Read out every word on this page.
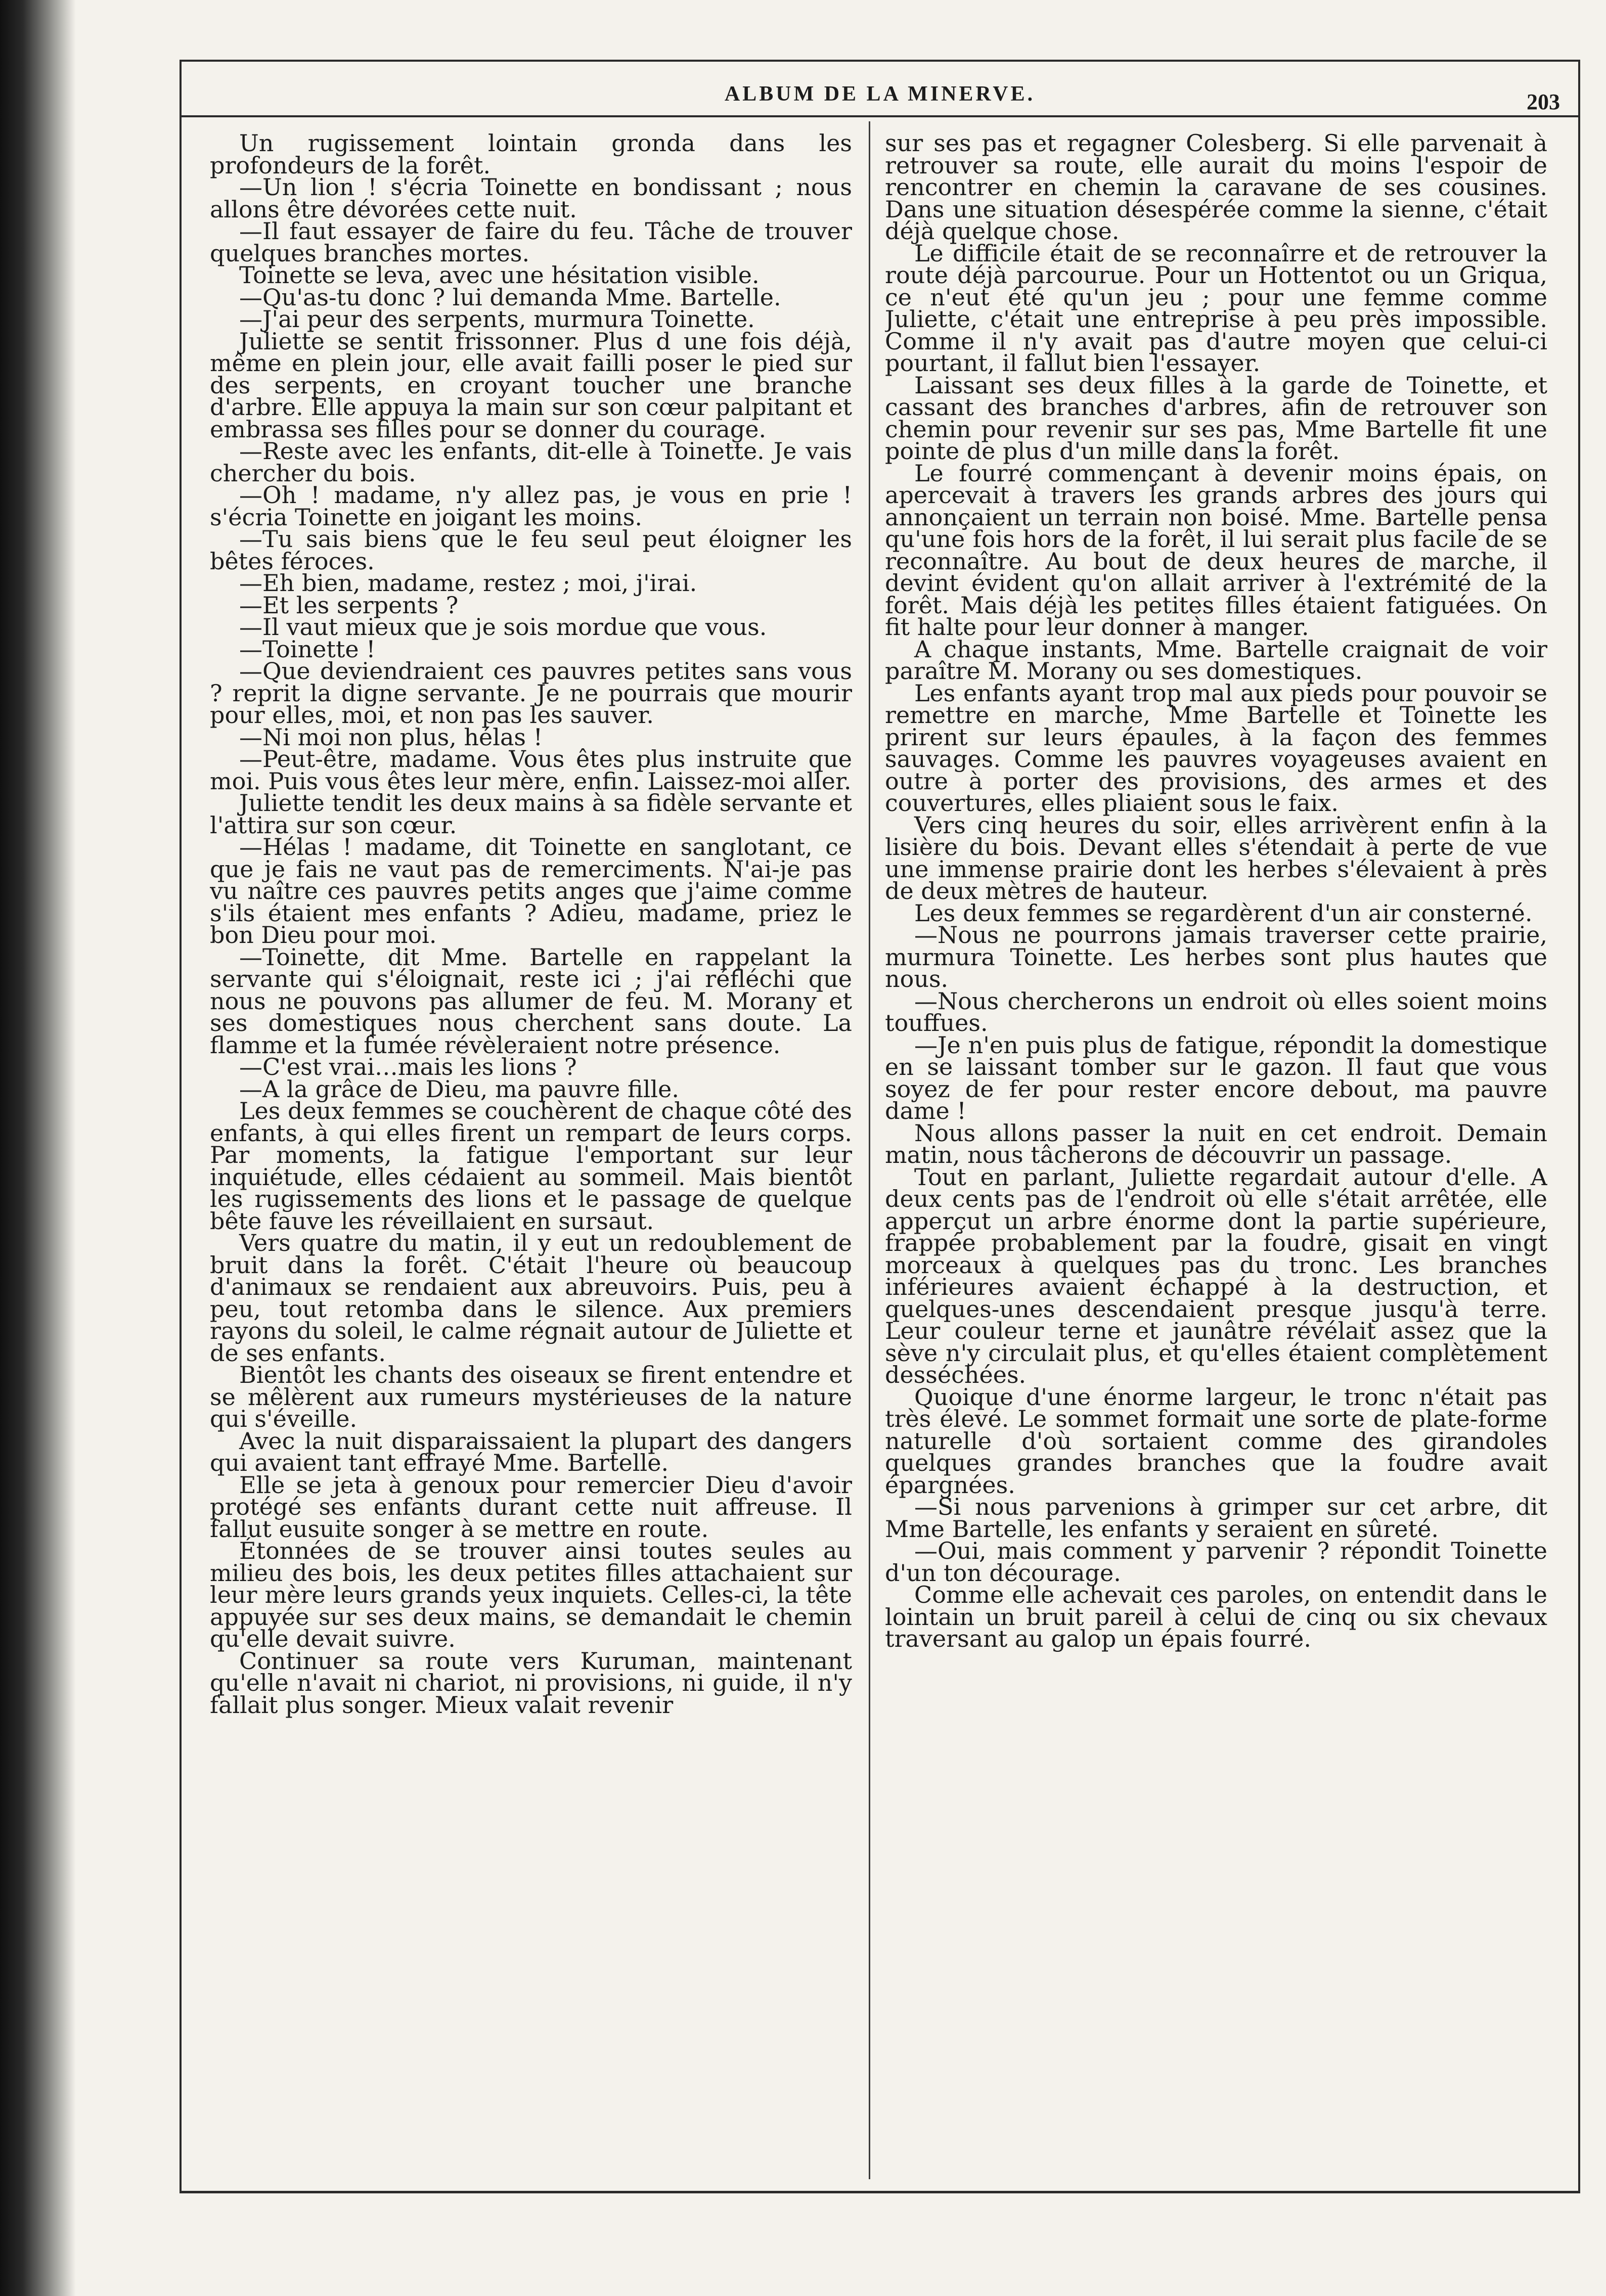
ALBUM DE LA MINERVE.	203

Un rugissement lointain gronda dans les profondeurs de la forêt.

—Un lion ! s'écria Toinette en bondissant ; nous allons être dévorées cette nuit.

—Il faut essayer de faire du feu. Tâche de trouver quelques branches mortes.

Toinette se leva, avec une hésitation visible.

—Qu'as-tu donc ? lui demanda Mme. Bartelle.

—J'ai peur des serpents, murmura Toinette.

Juliette se sentit frissonner. Plus d une fois déjà, même en plein jour, elle avait failli poser le pied sur des serpents, en croyant toucher une branche d'arbre. Elle appuya la main sur son cœur palpitant et embrassa ses filles pour se donner du courage.

—Reste avec les enfants, dit-elle à Toinette. Je vais chercher du bois.

—Oh ! madame, n'y allez pas, je vous en prie ! s'écria Toinette en joigant les moins.

—Tu sais biens que le feu seul peut éloigner les bêtes féroces.

—Eh bien, madame, restez ; moi, j'irai.

—Et les serpents ?

—Il vaut mieux que je sois mordue que vous.

—Toinette !

—Que deviendraient ces pauvres petites sans vous ? reprit la digne servante. Je ne pourrais que mourir pour elles, moi, et non pas les sauver.

—Ni moi non plus, hélas !

—Peut-être, madame. Vous êtes plus instruite que moi. Puis vous êtes leur mère, enfin. Laissez-moi aller.

Juliette tendit les deux mains à sa fidèle servante et l'attira sur son cœur.

—Hélas ! madame, dit Toinette en sanglotant, ce que je fais ne vaut pas de remerciments. N'ai-je pas vu naître ces pauvres petits anges que j'aime comme s'ils étaient mes enfants ? Adieu, madame, priez le bon Dieu pour moi.

—Toinette, dit Mme. Bartelle en rappelant la servante qui s'éloignait, reste ici ; j'ai réfléchi que nous ne pouvons pas allumer de feu. M. Morany et ses domestiques nous cherchent sans doute. La flamme et la fumée révèleraient notre présence.

—C'est vrai…mais les lions ?

—A la grâce de Dieu, ma pauvre fille.

Les deux femmes se couchèrent de chaque côté des enfants, à qui elles firent un rempart de leurs corps. Par moments, la fatigue l'emportant sur leur inquiétude, elles cédaient au sommeil. Mais bientôt les rugissements des lions et le passage de quelque bête fauve les réveillaient en sursaut.

Vers quatre du matin, il y eut un redoublement de bruit dans la forêt. C'était l'heure où beaucoup d'animaux se rendaient aux abreuvoirs. Puis, peu à peu, tout retomba dans le silence. Aux premiers rayons du soleil, le calme régnait autour de Juliette et de ses enfants.

Bientôt les chants des oiseaux se firent entendre et se mêlèrent aux rumeurs mystérieuses de la nature qui s'éveille.

Avec la nuit disparaissaient la plupart des dangers qui avaient tant effrayé Mme. Bartelle.

Elle se jeta à genoux pour remercier Dieu d'avoir protégé ses enfants durant cette nuit affreuse. Il fallut eusuite songer à se mettre en route.

Étonnées de se trouver ainsi toutes seules au milieu des bois, les deux petites filles attachaient sur leur mère leurs grands yeux inquiets. Celles-ci, la tête appuyée sur ses deux mains, se demandait le chemin qu'elle devait suivre.

Continuer sa route vers Kuruman, maintenant qu'elle n'avait ni chariot, ni provisions, ni guide, il n'y fallait plus songer. Mieux valait revenir

sur ses pas et regagner Colesberg. Si elle parvenait à retrouver sa route, elle aurait du moins l'espoir de rencontrer en chemin la caravane de ses cousines. Dans une situation désespérée comme la sienne, c'était déjà quelque chose.

Le difficile était de se reconnaîrre et de retrouver la route déjà parcourue. Pour un Hottentot ou un Griqua, ce n'eut été qu'un jeu ; pour une femme comme Juliette, c'était une entreprise à peu près impossible. Comme il n'y avait pas d'autre moyen que celui-ci pourtant, il fallut bien l'essayer.

Laissant ses deux filles à la garde de Toinette, et cassant des branches d'arbres, afin de retrouver son chemin pour revenir sur ses pas, Mme Bartelle fit une pointe de plus d'un mille dans la forêt.

Le fourré commençant à devenir moins épais, on apercevait à travers les grands arbres des jours qui annonçaient un terrain non boisé. Mme. Bartelle pensa qu'une fois hors de la forêt, il lui serait plus facile de se reconnaître. Au bout de deux heures de marche, il devint évident qu'on allait arriver à l'extrémité de la forêt. Mais déjà les petites filles étaient fatiguées. On fit halte pour leur donner à manger.

A chaque instants, Mme. Bartelle craignait de voir paraître M. Morany ou ses domestiques.

Les enfants ayant trop mal aux pieds pour pouvoir se remettre en marche, Mme Bartelle et Toinette les prirent sur leurs épaules, à la façon des femmes sauvages. Comme les pauvres voyageuses avaient en outre à porter des provisions, des armes et des couvertures, elles pliaient sous le faix.

Vers cinq heures du soir, elles arrivèrent enfin à la lisière du bois. Devant elles s'étendait à perte de vue une immense prairie dont les herbes s'élevaient à près de deux mètres de hauteur.

Les deux femmes se regardèrent d'un air consterné.

—Nous ne pourrons jamais traverser cette prairie, murmura Toinette. Les herbes sont plus hautes que nous.

—Nous chercherons un endroit où elles soient moins touffues.

—Je n'en puis plus de fatigue, répondit la domestique en se laissant tomber sur le gazon. Il faut que vous soyez de fer pour rester encore debout, ma pauvre dame !

Nous allons passer la nuit en cet endroit. Demain matin, nous tâcherons de découvrir un passage.

Tout en parlant, Juliette regardait autour d'elle. A deux cents pas de l'endroit où elle s'était arrêtée, elle apperçut un arbre énorme dont la partie supérieure, frappée probablement par la foudre, gisait en vingt morceaux à quelques pas du tronc. Les branches inférieures avaient échappé à la destruction, et quelques-unes descendaient presque jusqu'à terre. Leur couleur terne et jaunâtre révélait assez que la sève n'y circulait plus, et qu'elles étaient complètement desséchées.

Quoique d'une énorme largeur, le tronc n'était pas très élevé. Le sommet formait une sorte de plate-forme naturelle d'où sortaient comme des girandoles quelques grandes branches que la foudre avait épargnées.

—Si nous parvenions à grimper sur cet arbre, dit Mme Bartelle, les enfants y seraient en sûreté.

—Oui, mais comment y parvenir ? répondit Toinette d'un ton décourage.

Comme elle achevait ces paroles, on entendit dans le lointain un bruit pareil à celui de cinq ou six chevaux traversant au galop un épais fourré.
